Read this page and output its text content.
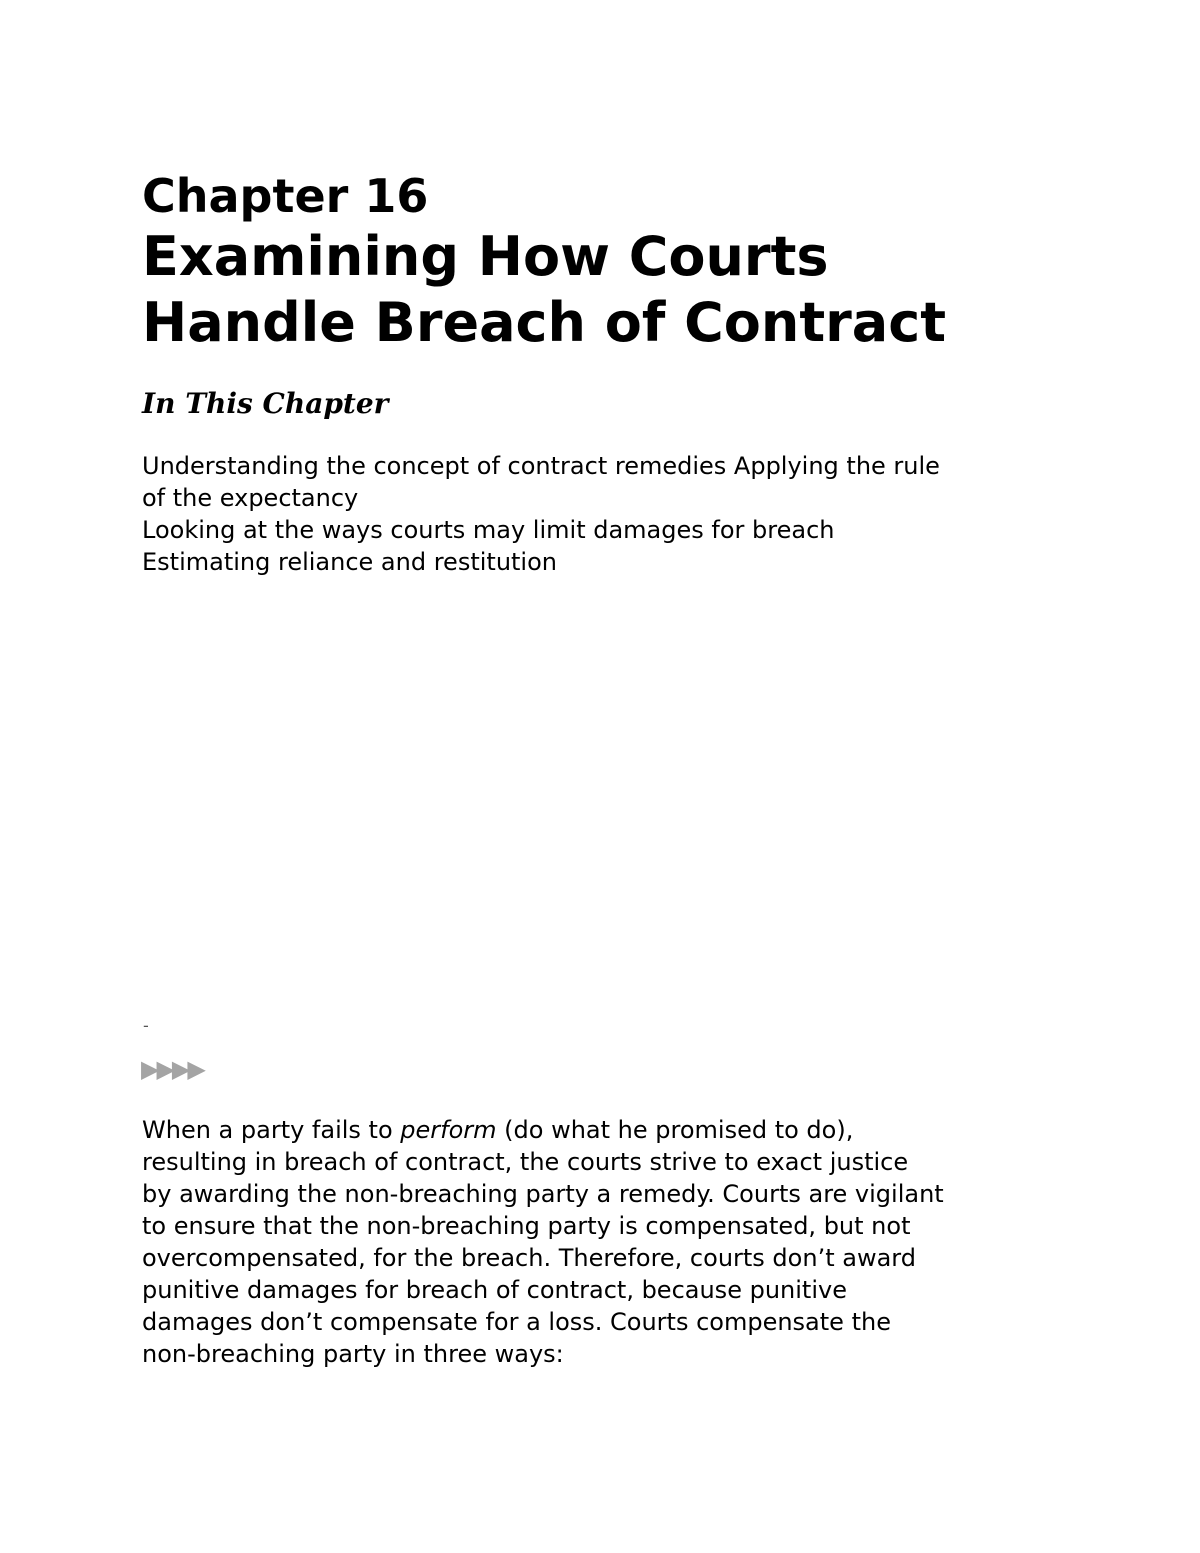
Chapter 16
Examining How Courts
Handle Breach of Contract
In This Chapter
Understanding the concept of contract remedies Applying the rule
of the expectancy
Looking at the ways courts may limit damages for breach
Estimating reliance and restitution
-
▶▶▶▶
When a party fails to perform (do what he promised to do),
resulting in breach of contract, the courts strive to exact justice
by awarding the non-breaching party a remedy. Courts are vigilant
to ensure that the non-breaching party is compensated, but not
overcompensated, for the breach. Therefore, courts don’t award
punitive damages for breach of contract, because punitive
damages don’t compensate for a loss. Courts compensate the
non-breaching party in three ways:
